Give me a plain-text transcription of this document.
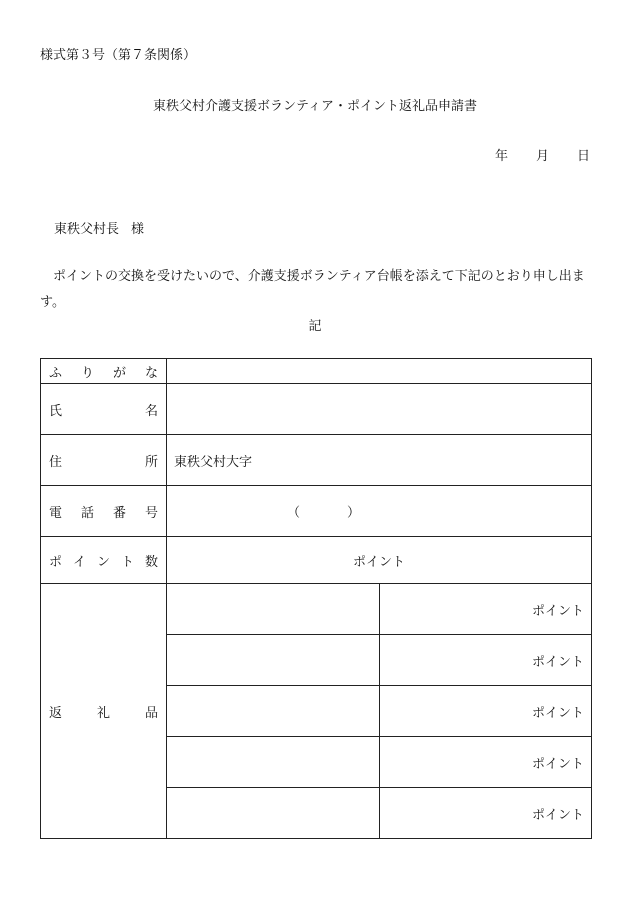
様式第３号（第７条関係）
東秩父村介護支援ボランティア・ポイント返礼品申請書
年 月 日
東秩父村長 様
ポイントの交換を受けたいので、介護支援ボランティア台帳を添えて下記のとおり申し出ます。
記
ふ り が な		

氏 名		

住 所	東秩父村大字	

電 話 番 号	（ ）	

ポ イ ン ト 数	ポイント	

返 礼 品		ポイント
		ポイント
		ポイント
		ポイント
		ポイント
